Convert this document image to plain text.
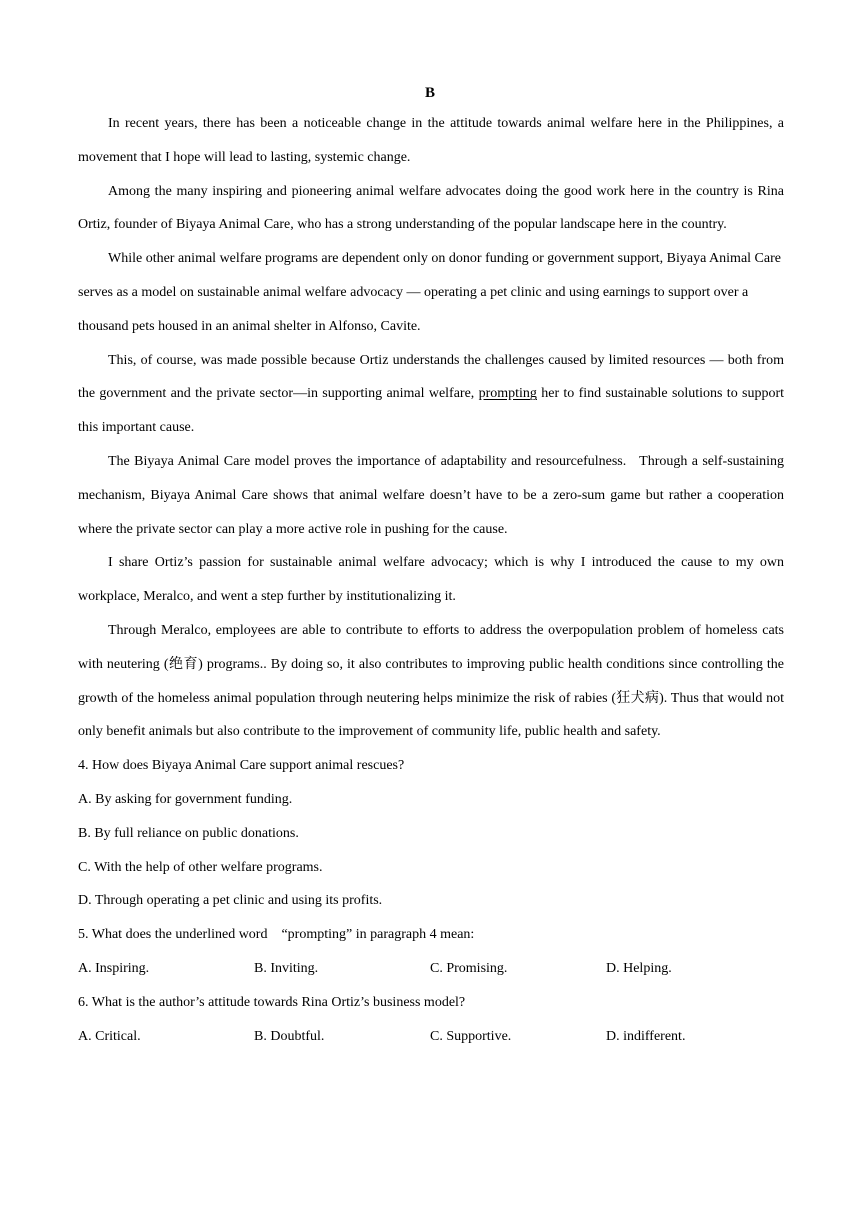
B

In recent years, there has been a noticeable change in the attitude towards animal welfare here in the Philippines, a movement that I hope will lead to lasting, systemic change.

Among the many inspiring and pioneering animal welfare advocates doing the good work here in the country is Rina Ortiz, founder of Biyaya Animal Care, who has a strong understanding of the popular landscape here in the country.

While other animal welfare programs are dependent only on donor funding or government support, Biyaya Animal Care serves as a model on sustainable animal welfare advocacy — operating a pet clinic and using earnings to support over a thousand pets housed in an animal shelter in Alfonso, Cavite.

This, of course, was made possible because Ortiz understands the challenges caused by limited resources — both from the government and the private sector—in supporting animal welfare, prompting her to find sustainable solutions to support this important cause.

The Biyaya Animal Care model proves the importance of adaptability and resourcefulness.   Through a self-sustaining mechanism, Biyaya Animal Care shows that animal welfare doesn’t have to be a zero-sum game but rather a cooperation where the private sector can play a more active role in pushing for the cause.

I share Ortiz’s passion for sustainable animal welfare advocacy; which is why I introduced the cause to my own workplace, Meralco, and went a step further by institutionalizing it.

Through Meralco, employees are able to contribute to efforts to address the overpopulation problem of homeless cats with neutering (绝育) programs.. By doing so, it also contributes to improving public health conditions since controlling the growth of the homeless animal population through neutering helps minimize the risk of rabies (狂犬病). Thus that would not only benefit animals but also contribute to the improvement of community life, public health and safety.

4. How does Biyaya Animal Care support animal rescues?

A. By asking for government funding.

B. By full reliance on public donations.

C. With the help of other welfare programs.

D. Through operating a pet clinic and using its profits.

5. What does the underlined word    “prompting” in paragraph 4 mean:

A. Inspiring.	B. Inviting.	C. Promising.	D. Helping.

6. What is the author’s attitude towards Rina Ortiz’s business model?

A. Critical.	B. Doubtful.	C. Supportive.	D. indifferent.
